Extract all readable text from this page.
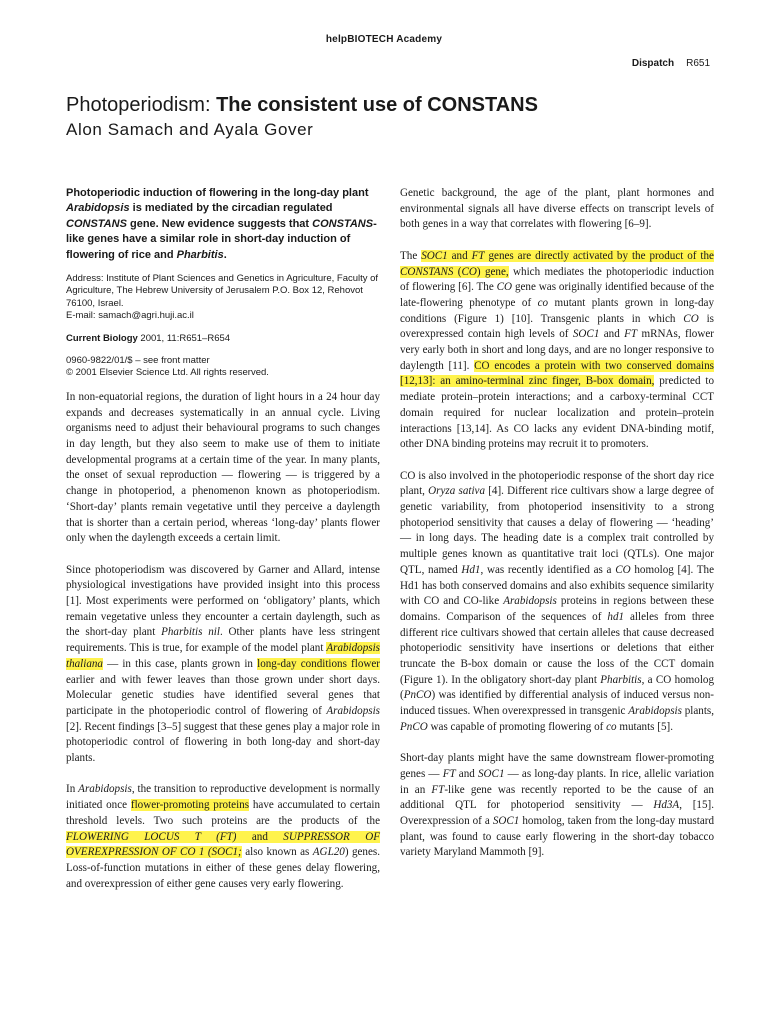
helpBIOTECH Academy
Dispatch R651
Photoperiodism: The consistent use of CONSTANS
Alon Samach and Ayala Gover

Photoperiodic induction of flowering in the long-day plant Arabidopsis is mediated by the circadian regulated CONSTANS gene. New evidence suggests that CONSTANS-like genes have a similar role in short-day induction of flowering of rice and Pharbitis.

Address: Institute of Plant Sciences and Genetics in Agriculture, Faculty of Agriculture, The Hebrew University of Jerusalem P.O. Box 12, Rehovot 76100, Israel.
E-mail: samach@agri.huji.ac.il

Current Biology 2001, 11:R651–R654

0960-9822/01/$ – see front matter
© 2001 Elsevier Science Ltd. All rights reserved.

In non-equatorial regions, the duration of light hours in a 24 hour day expands and decreases systematically in an annual cycle. Living organisms need to adjust their behavioural programs to such changes in day length, but they also seem to make use of them to initiate developmental programs at a certain time of the year. In many plants, the onset of sexual reproduction — flowering — is triggered by a change in photoperiod, a phenomenon known as photoperiodism. ‘Short-day’ plants remain vegetative until they perceive a daylength that is shorter than a certain period, whereas ‘long-day’ plants flower only when the daylength exceeds a certain limit.

Since photoperiodism was discovered by Garner and Allard, intense physiological investigations have provided insight into this process [1]. Most experiments were performed on ‘obligatory’ plants, which remain vegetative unless they encounter a certain daylength, such as the short-day plant Pharbitis nil. Other plants have less stringent requirements. This is true, for example of the model plant Arabidopsis thaliana — in this case, plants grown in long-day conditions flower earlier and with fewer leaves than those grown under short days. Molecular genetic studies have identified several genes that participate in the photoperiodic control of flowering of Arabidopsis [2]. Recent findings [3–5] suggest that these genes play a major role in photoperiodic control of flowering in both long-day and short-day plants.

In Arabidopsis, the transition to reproductive development is normally initiated once flower-promoting proteins have accumulated to certain threshold levels. Two such proteins are the products of the FLOWERING LOCUS T (FT) and SUPPRESSOR OF OVEREXPRESSION OF CO 1 (SOC1; also known as AGL20) genes. Loss-of-function mutations in either of these genes delay flowering, and overexpression of either gene causes very early flowering.

Genetic background, the age of the plant, plant hormones and environmental signals all have diverse effects on transcript levels of both genes in a way that correlates with flowering [6–9].

The SOC1 and FT genes are directly activated by the product of the CONSTANS (CO) gene, which mediates the photoperiodic induction of flowering [6]. The CO gene was originally identified because of the late-flowering phenotype of co mutant plants grown in long-day conditions (Figure 1) [10]. Transgenic plants in which CO is overexpressed contain high levels of SOC1 and FT mRNAs, flower very early both in short and long days, and are no longer responsive to daylength [11]. CO encodes a protein with two conserved domains [12,13]: an amino-terminal zinc finger, B-box domain, predicted to mediate protein–protein interactions; and a carboxy-terminal CCT domain required for nuclear localization and protein–protein interactions [13,14]. As CO lacks any evident DNA-binding motif, other DNA binding proteins may recruit it to promoters.

CO is also involved in the photoperiodic response of the short day rice plant, Oryza sativa [4]. Different rice cultivars show a large degree of genetic variability, from photoperiod insensitivity to a strong photoperiod sensitivity that causes a delay of flowering — ‘heading’ — in long days. The heading date is a complex trait controlled by multiple genes known as quantitative trait loci (QTLs). One major QTL, named Hd1, was recently identified as a CO homolog [4]. The Hd1 has both conserved domains and also exhibits sequence similarity with CO and CO-like Arabidopsis proteins in regions between these domains. Comparison of the sequences of hd1 alleles from three different rice cultivars showed that certain alleles that cause decreased photoperiodic sensitivity have insertions or deletions that either truncate the B-box domain or cause the loss of the CCT domain (Figure 1). In the obligatory short-day plant Pharbitis, a CO homolog (PnCO) was identified by differential analysis of induced versus non-induced tissues. When overexpressed in transgenic Arabidopsis plants, PnCO was capable of promoting flowering of co mutants [5].

Short-day plants might have the same downstream flower-promoting genes — FT and SOC1 — as long-day plants. In rice, allelic variation in an FT-like gene was recently reported to be the cause of an additional QTL for photoperiod sensitivity — Hd3A, [15]. Overexpression of a SOC1 homolog, taken from the long-day mustard plant, was found to cause early flowering in the short-day tobacco variety Maryland Mammoth [9].
